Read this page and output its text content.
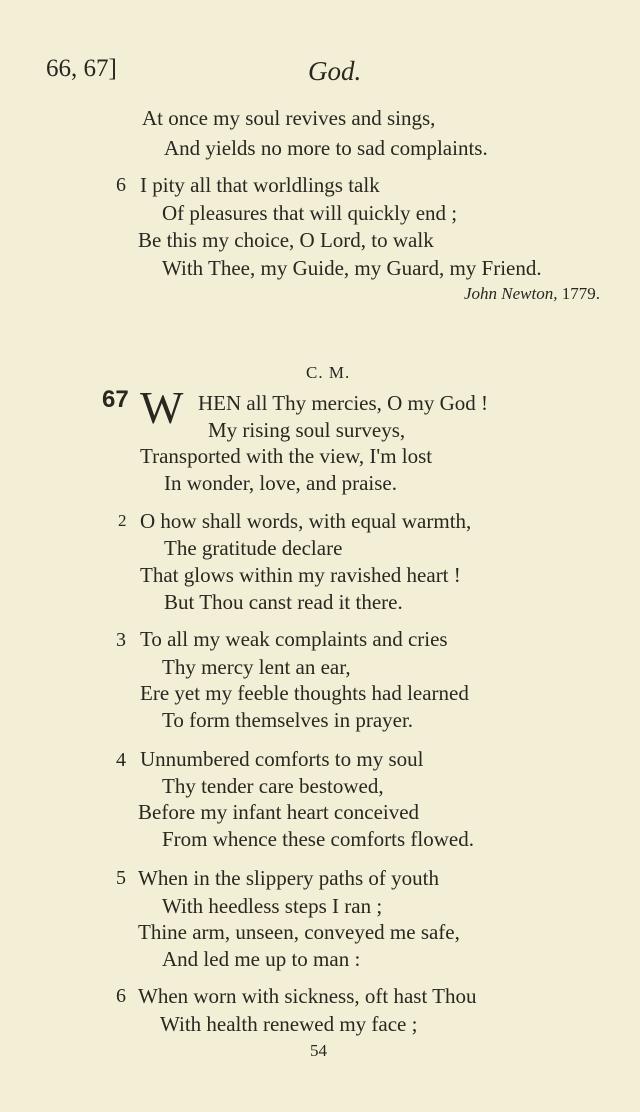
66, 67]	God.
At once my soul revives and sings,
And yields no more to sad complaints.
6 I pity all that worldlings talk
Of pleasures that will quickly end ;
Be this my choice, O Lord, to walk
With Thee, my Guide, my Guard, my Friend.
John Newton, 1779.
C. M.
67 W HEN all Thy mercies, O my God !
My rising soul surveys,
Transported with the view, I'm lost
In wonder, love, and praise.
2 O how shall words, with equal warmth,
The gratitude declare
That glows within my ravished heart !
But Thou canst read it there.
3 To all my weak complaints and cries
Thy mercy lent an ear,
Ere yet my feeble thoughts had learned
To form themselves in prayer.
4 Unnumbered comforts to my soul
Thy tender care bestowed,
Before my infant heart conceived
From whence these comforts flowed.
5 When in the slippery paths of youth
With heedless steps I ran ;
Thine arm, unseen, conveyed me safe,
And led me up to man :
6 When worn with sickness, oft hast Thou
With health renewed my face ;
54
